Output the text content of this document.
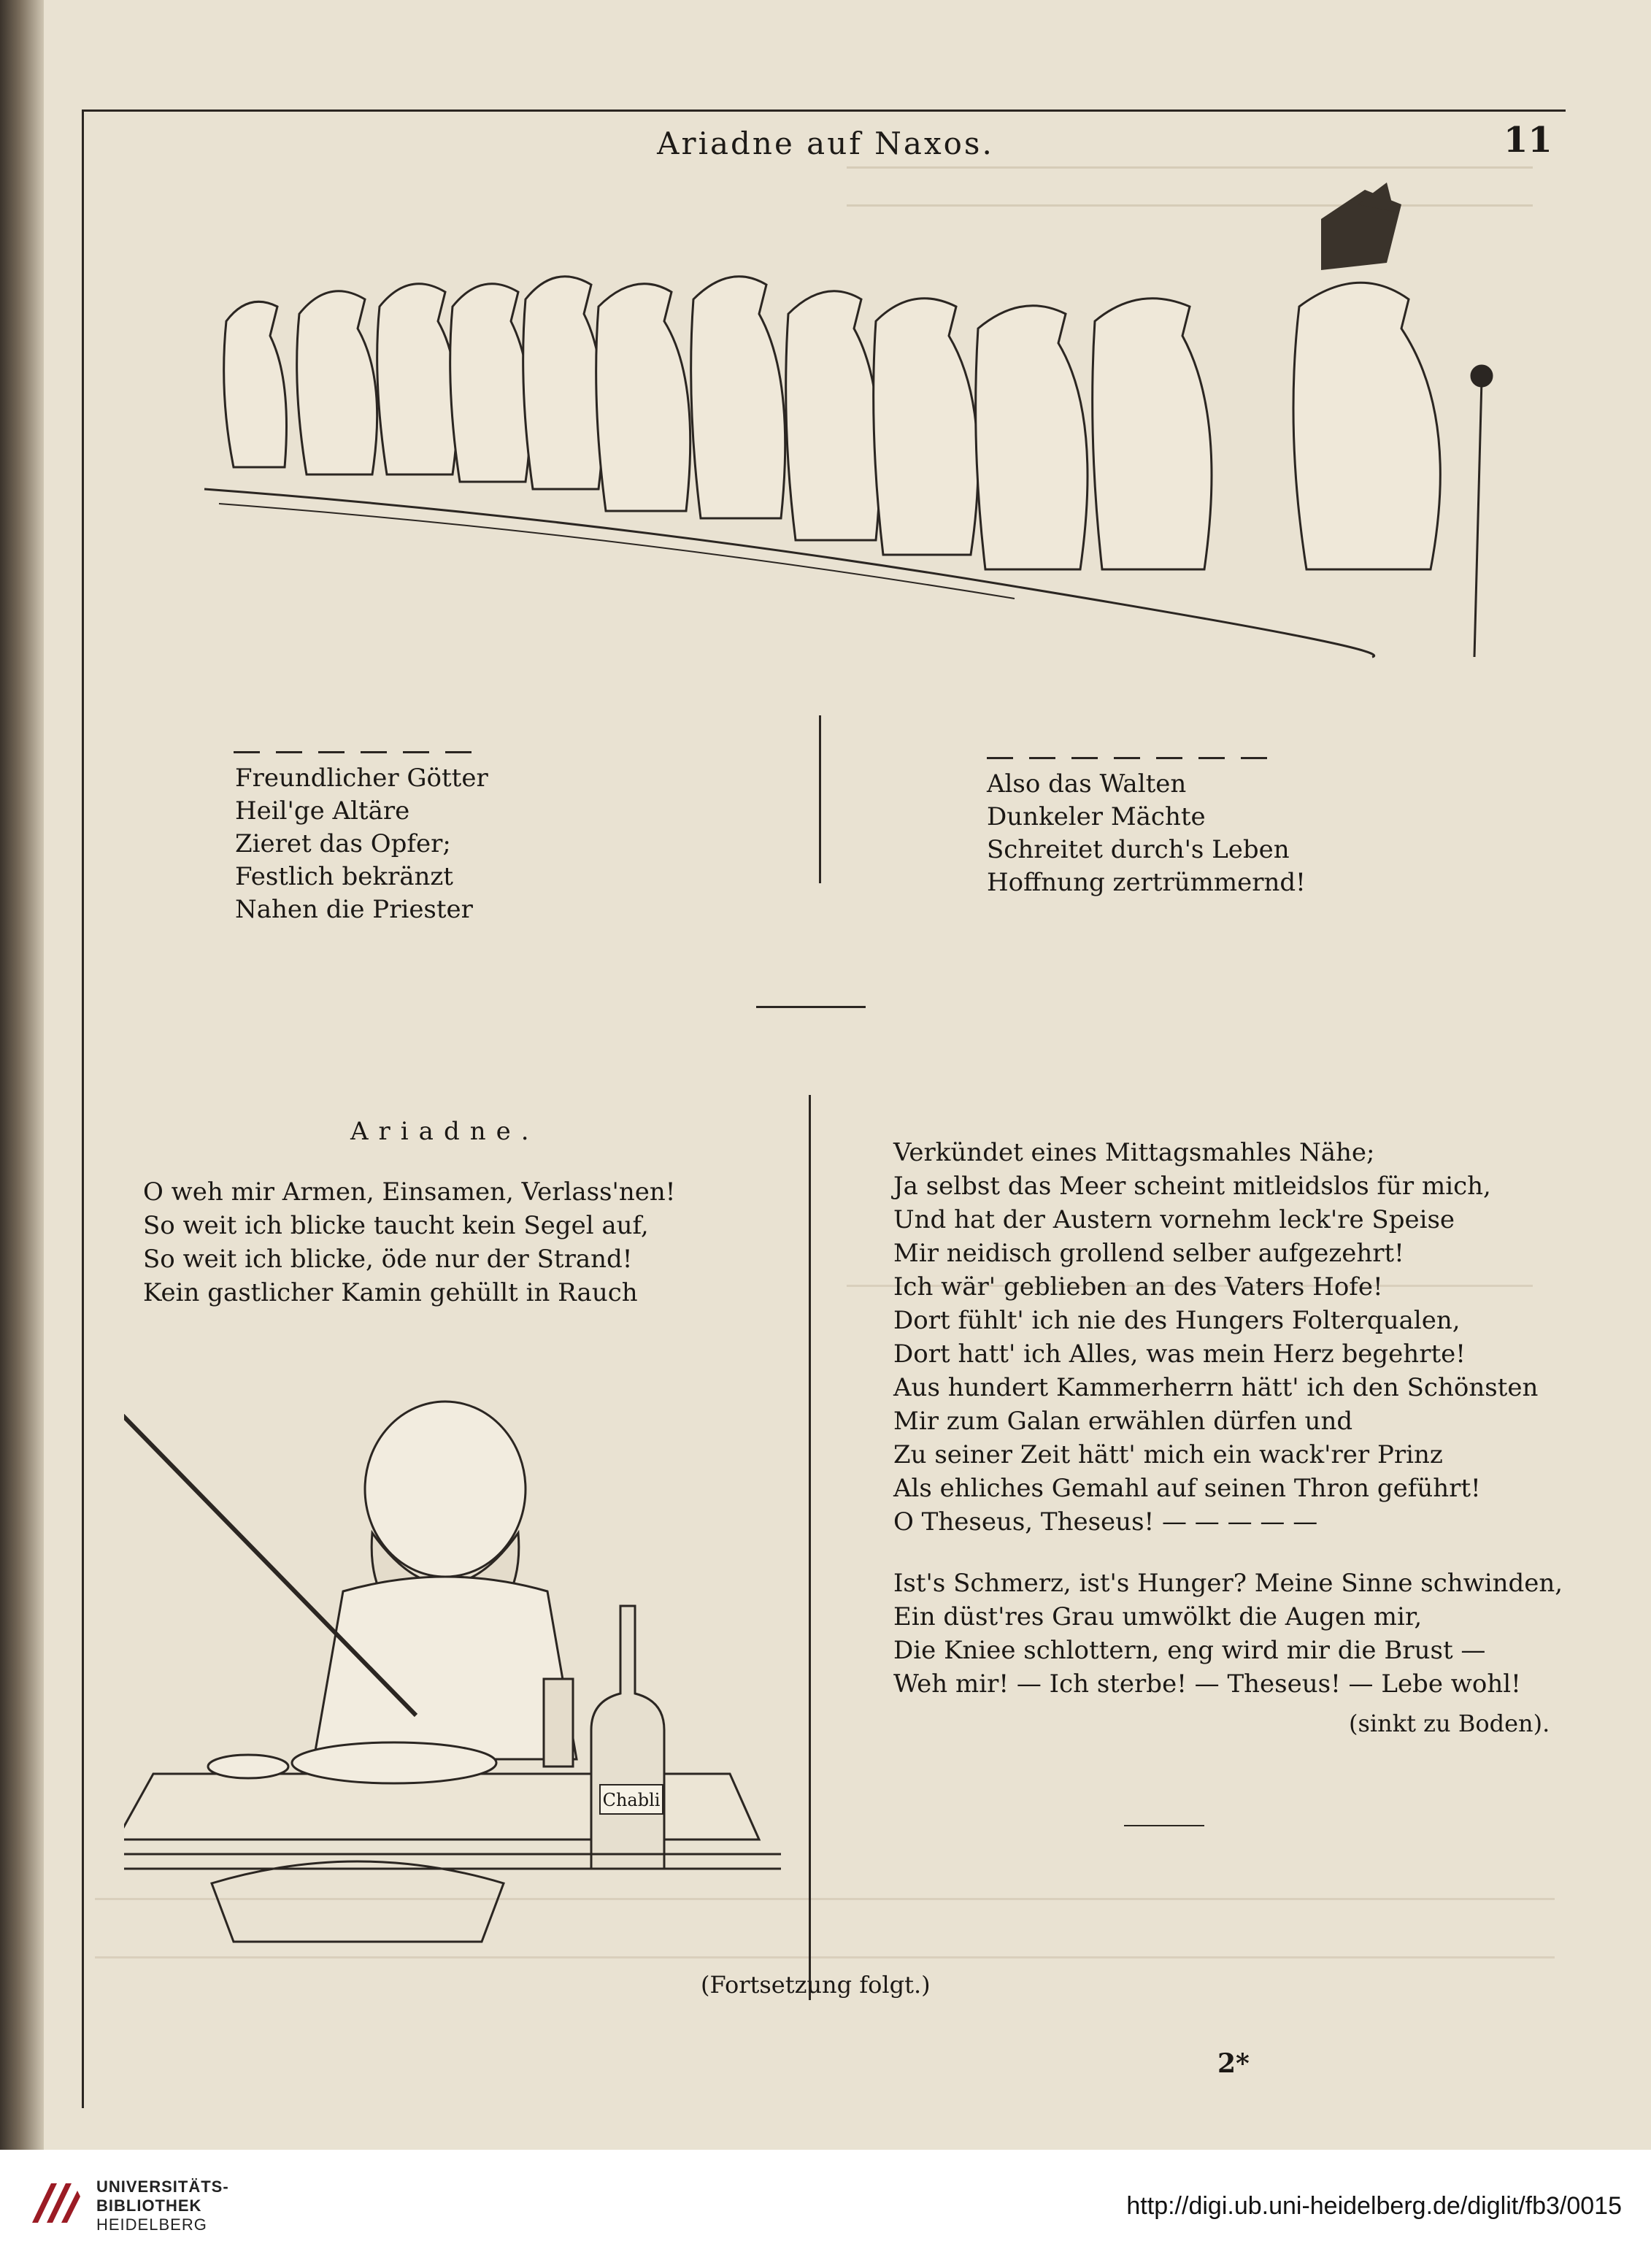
Ariadne auf Naxos.	11
Freundlicher Götter
Heil'ge Altäre
Zieret das Opfer;
Festlich bekränzt
Nahen die Priester
Also das Walten
Dunkeler Mächte
Schreitet durch's Leben
Hoffnung zertrümmernd!
Ariadne.
O weh mir Armen, Einsamen, Verlass'nen!
So weit ich blicke taucht kein Segel auf,
So weit ich blicke, öde nur der Strand!
Kein gastlicher Kamin gehüllt in Rauch
Chabli
(Fortsetzung folgt.)
Verkündet eines Mittagsmahles Nähe;
Ja selbst das Meer scheint mitleidslos für mich,
Und hat der Austern vornehm leck're Speise
Mir neidisch grollend selber aufgezehrt!
Ich wär' geblieben an des Vaters Hofe!
Dort fühlt' ich nie des Hungers Folterqualen,
Dort hatt' ich Alles, was mein Herz begehrte!
Aus hundert Kammerherrn hätt' ich den Schönsten
Mir zum Galan erwählen dürfen und
Zu seiner Zeit hätt' mich ein wack'rer Prinz
Als ehliches Gemahl auf seinen Thron geführt!
O Theseus, Theseus! — — — — —
Ist's Schmerz, ist's Hunger? Meine Sinne schwinden,
Ein düst'res Grau umwölkt die Augen mir,
Die Kniee schlottern, eng wird mir die Brust —
Weh mir! — Ich sterbe! — Theseus! — Lebe wohl!
(sinkt zu Boden).
2*
UNIVERSITÄTS-
BIBLIOTHEK
HEIDELBERG
http://digi.ub.uni-heidelberg.de/diglit/fb3/0015
